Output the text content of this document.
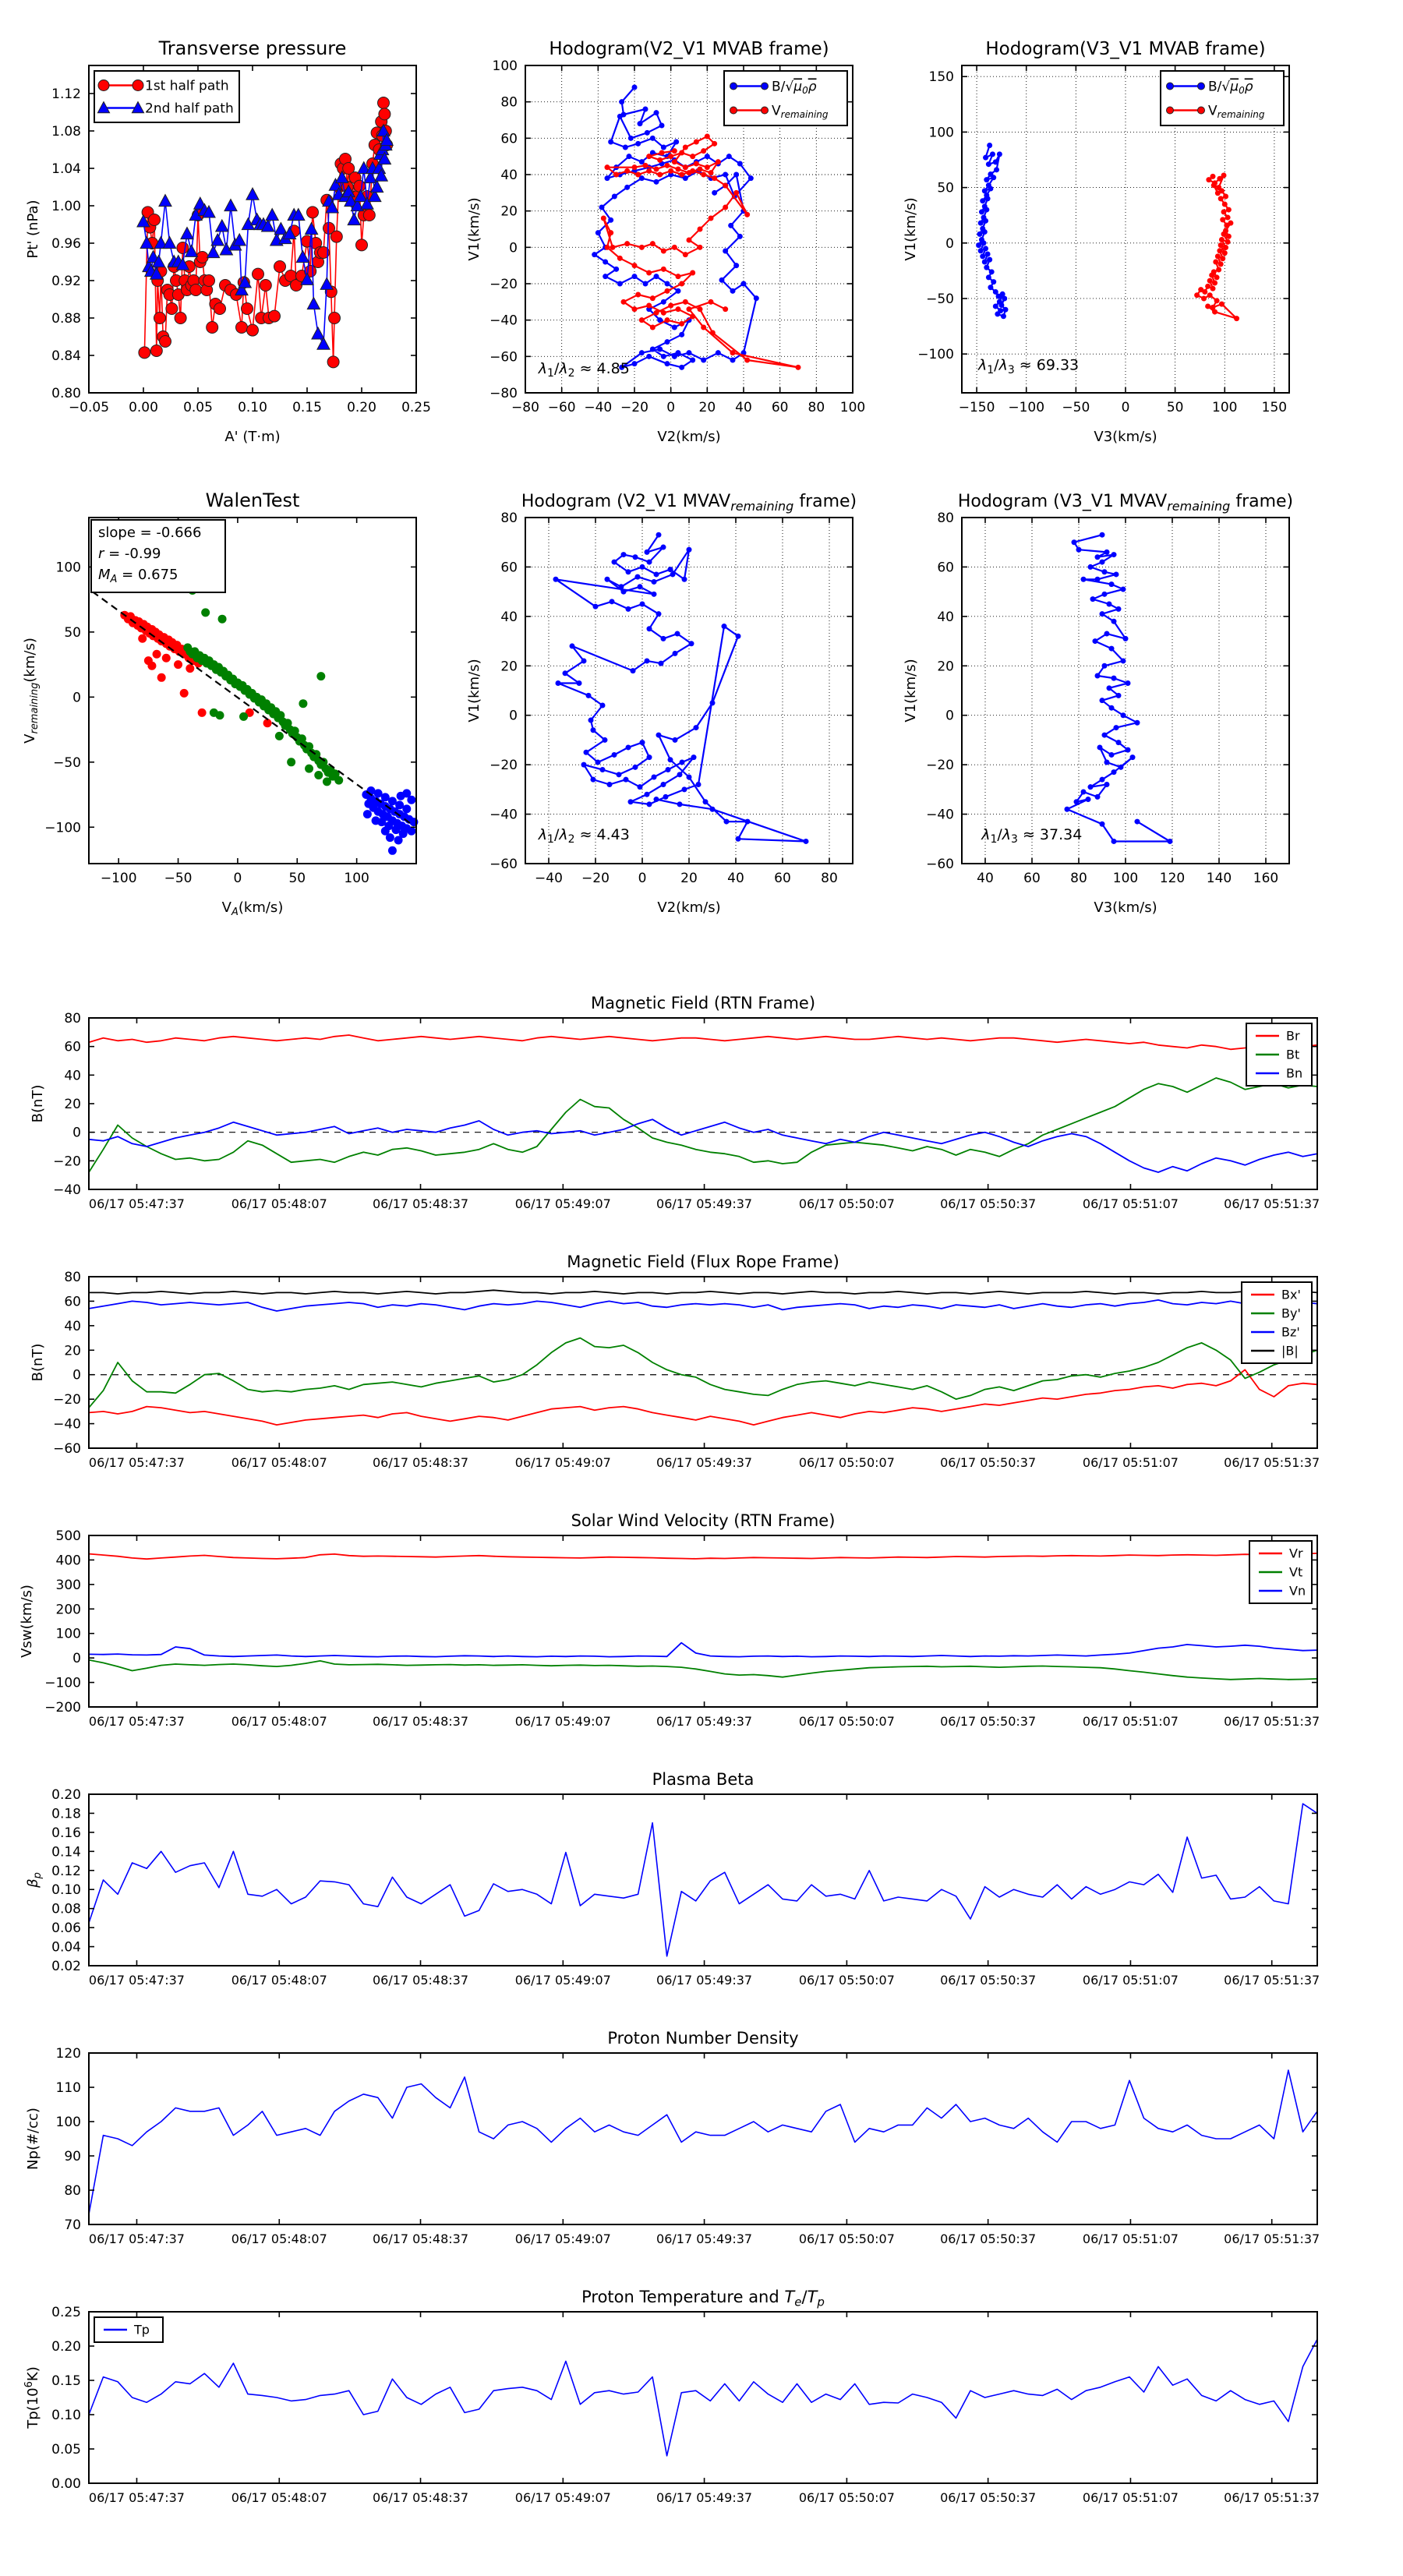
−0.05 0.00 0.05 0.10 0.15 0.20 0.25
0.80
0.84
0.88
0.92
0.96
1.00
1.04
1.08
1.12
Transverse pressure
A' (T·m)
Pt' (nPa)
1st half path
2nd half path
−80 −60 −40 −20 0 20 40 60 80 100
−80
−60
−40
−20
0
20
40
60
80
100
Hodogram(V2_V1 MVAB frame)
V2(km/s)
V1(km/s)
$\lambda_1/\lambda_2 \approx 4.85$
$B/√\mu_0\rho$
$V_{remaining}$
−150 −100 −50 0	50 100 150
−100
−50
0
50
100
150
Hodogram(V3_V1 MVAB frame)
V3(km/s)
V1(km/s)
$\lambda_1/\lambda_3 \approx 69.33$
$B/√\mu_0\rho$
$V_{remaining}$
−100 −50	0	50	100
−100
−50
0
50
100
WalenTest
$V_A(km/s)$
$V_{remaining}(km/s)$
slope = -0.666
r = -0.99
$M_A = 0.675$
−40 −20 0	20 40 60 80
−60
−40
−20
0
20
40
60
80
Hodogram (V2_V1 $MVAV_{remaining}$ frame)
V2(km/s)
V1(km/s)
$\lambda_1/\lambda_2 \approx 4.43$
40 60 80 100 120 140 160
−60
−40
−20
0
20
40
60
80
Hodogram (V3_V1 $MVAV_{remaining}$ frame)
V3(km/s)
V1(km/s)
$\lambda_1/\lambda_3 \approx 37.34$
06/17 05:47:37	06/17 05:48:07	06/17 05:48:37	06/17 05:49:07	06/17 05:49:37	06/17 05:50:07	06/17 05:50:37	06/17 05:51:07	06/17 05:51:37
−40
−20
0
20
40
60
80
Magnetic Field (RTN Frame)
B(nT)
Br
Bt
Bn
06/17 05:47:37	06/17 05:48:07	06/17 05:48:37	06/17 05:49:07	06/17 05:49:37	06/17 05:50:07	06/17 05:50:37	06/17 05:51:07	06/17 05:51:37
−60
−40
−20
0
20
40
60
80
Magnetic Field (Flux Rope Frame)
B(nT)
Bx'
By'
Bz'
|B|
06/17 05:47:37	06/17 05:48:07	06/17 05:48:37	06/17 05:49:07	06/17 05:49:37	06/17 05:50:07	06/17 05:50:37	06/17 05:51:07	06/17 05:51:37
−200
−100
0
100
200
300
400
500
Solar Wind Velocity (RTN Frame)
Vsw(km/s)
Vr
Vt
Vn
06/17 05:47:37	06/17 05:48:07	06/17 05:48:37	06/17 05:49:07	06/17 05:49:37	06/17 05:50:07	06/17 05:50:37	06/17 05:51:07	06/17 05:51:37
0.02
0.04
0.06
0.08
0.10
0.12
0.14
0.16
0.18
0.20
Plasma Beta
$\beta_p$
06/17 05:47:37	06/17 05:48:07	06/17 05:48:37	06/17 05:49:07	06/17 05:49:37	06/17 05:50:07	06/17 05:50:37	06/17 05:51:07	06/17 05:51:37
70
80
90
100
110
120
Proton Number Density
Np(#/cc)
06/17 05:47:37	06/17 05:48:07	06/17 05:48:37	06/17 05:49:07	06/17 05:49:37	06/17 05:50:07	06/17 05:50:37	06/17 05:51:07	06/17 05:51:37
0.00
0.05
0.10
0.15
0.20
0.25
Proton Temperature and $T_e/T_p$
$Tp(10^6K)$
Tp
